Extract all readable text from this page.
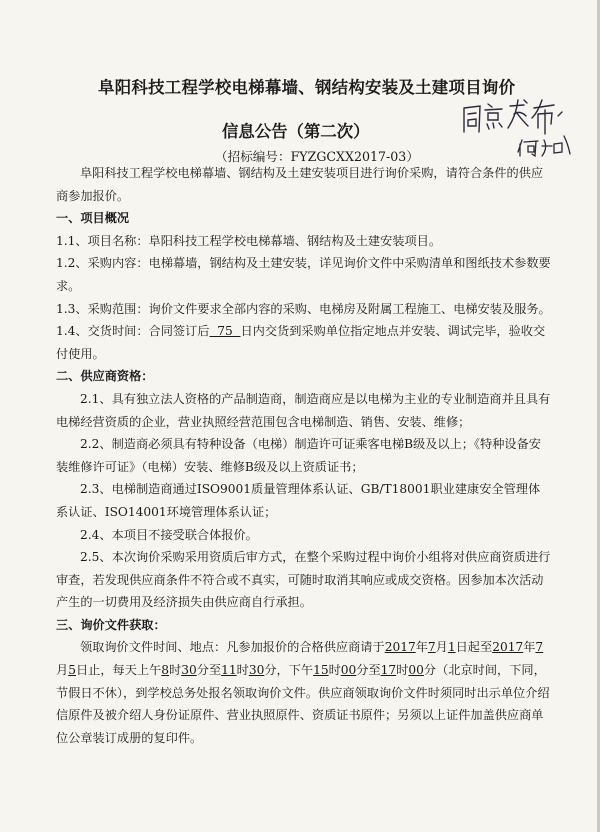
阜阳科技工程学校电梯幕墙、钢结构安装及土建项目询价
信息公告（第二次）
（招标编号：FYZGCXX2017-03）

阜阳科技工程学校电梯幕墙、钢结构及土建安装项目进行询价采购，请符合条件的供应商参加报价。

一、项目概况

1.1、项目名称：阜阳科技工程学校电梯幕墙、钢结构及土建安装项目。

1.2、采购内容：电梯幕墙，钢结构及土建安装，详见询价文件中采购清单和图纸技术参数要求。

1.3、采购范围：询价文件要求全部内容的采购、电梯房及附属工程施工、电梯安装及服务。

1.4、交货时间：合同签订后  75  日内交货到采购单位指定地点并安装、调试完毕，验收交付使用。

二、供应商资格：

2.1、具有独立法人资格的产品制造商，制造商应是以电梯为主业的专业制造商并且具有电梯经营资质的企业，营业执照经营范围包含电梯制造、销售、安装、维修；

2.2、制造商必须具有特种设备（电梯）制造许可证乘客电梯B级及以上；《特种设备安装维修许可证》（电梯）安装、维修B级及以上资质证书；

2.3、电梯制造商通过ISO9001质量管理体系认证、GB/T18001职业建康安全管理体系认证、ISO14001环境管理体系认证；

2.4、本项目不接受联合体报价。

2.5、本次询价采购采用资质后审方式，在整个采购过程中询价小组将对供应商资质进行审查，若发现供应商条件不符合或不真实，可随时取消其响应或成交资格。因参加本次活动产生的一切费用及经济损失由供应商自行承担。

三、询价文件获取：

领取询价文件时间、地点：凡参加报价的合格供应商请于2017年7月1日起至2017年7月5日止，每天上午8时30分至11时30分，下午15时00分至17时00分（北京时间，下同，节假日不休），到学校总务处报名领取询价文件。供应商领取询价文件时须同时出示单位介绍信原件及被介绍人身份证原件、营业执照原件、资质证书原件；另须以上证件加盖供应商单位公章装订成册的复印件。
